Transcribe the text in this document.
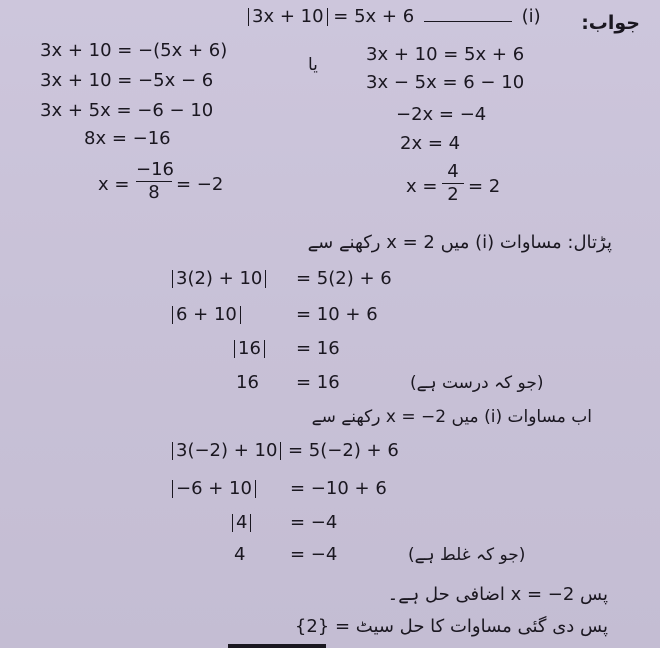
جواب:
3x + 10 = 5x + 6	(i)
یا
3x + 10 = −(5x + 6)
3x + 10 = −5x − 6
3x + 5x = −6 − 10
8x = −16
x =
−16
8 = −2
3x + 10 = 5x + 6
3x − 5x = 6 − 10
−2x = −4
2x = 4
x =
4
2 = 2
پڑتال: مساوات (i) میں x = 2 رکھنے سے
3(2) + 10 = 5(2) + 6
6 + 10	= 10 + 6
16 = 16
16 = 16	(جو کہ درست ہے)
اب مساوات (i) میں x = −2 رکھنے سے
3(−2) + 10 = 5(−2) + 6
−6 + 10 = −10 + 6
4 = −4
4 = −4	(جو کہ غلط ہے)
پس x = −2 اضافی حل ہے۔
پس دی گئی مساوات کا حل سیٹ = {2}
